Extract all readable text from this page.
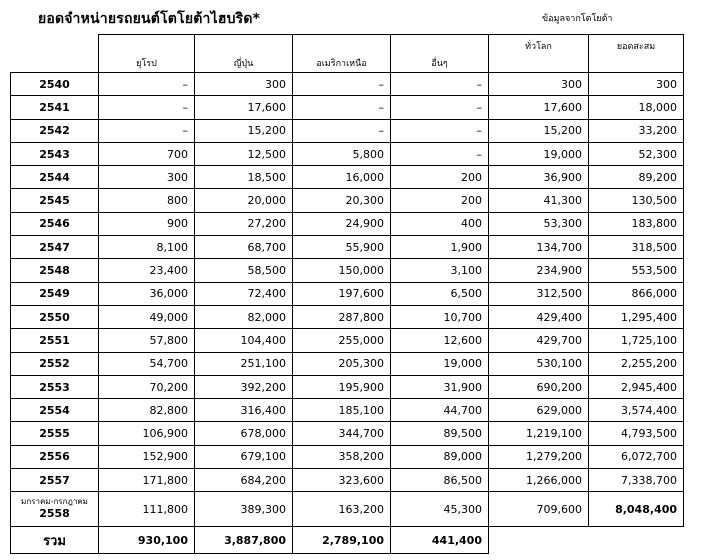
ยอดจำหน่ายรถยนต์โตโยต้าไฮบริด*	ข้อมูลจากโตโยต้า
	ยุโรป	ญี่ปุ่น	อเมริกาเหนือ	อื่นๆ	ทั่วโลก	ยอดสะสม
2540	–	300	–	–	300	300
2541	–	17,600	–	–	17,600	18,000
2542	–	15,200	–	–	15,200	33,200
2543	700	12,500	5,800	–	19,000	52,300
2544	300	18,500	16,000	200	36,900	89,200
2545	800	20,000	20,300	200	41,300	130,500
2546	900	27,200	24,900	400	53,300	183,800
2547	8,100	68,700	55,900	1,900	134,700	318,500
2548	23,400	58,500	150,000	3,100	234,900	553,500
2549	36,000	72,400	197,600	6,500	312,500	866,000
2550	49,000	82,000	287,800	10,700	429,400	1,295,400
2551	57,800	104,400	255,000	12,600	429,700	1,725,100
2552	54,700	251,100	205,300	19,000	530,100	2,255,200
2553	70,200	392,200	195,900	31,900	690,200	2,945,400
2554	82,800	316,400	185,100	44,700	629,000	3,574,400
2555	106,900	678,000	344,700	89,500	1,219,100	4,793,500
2556	152,900	679,100	358,200	89,000	1,279,200	6,072,700
2557	171,800	684,200	323,600	86,500	1,266,000	7,338,700

มกราคม-กรกฎาคม
2558	111,800	389,300	163,200	45,300	709,600	8,048,400
รวม	930,100	3,887,800	2,789,100	441,400		
